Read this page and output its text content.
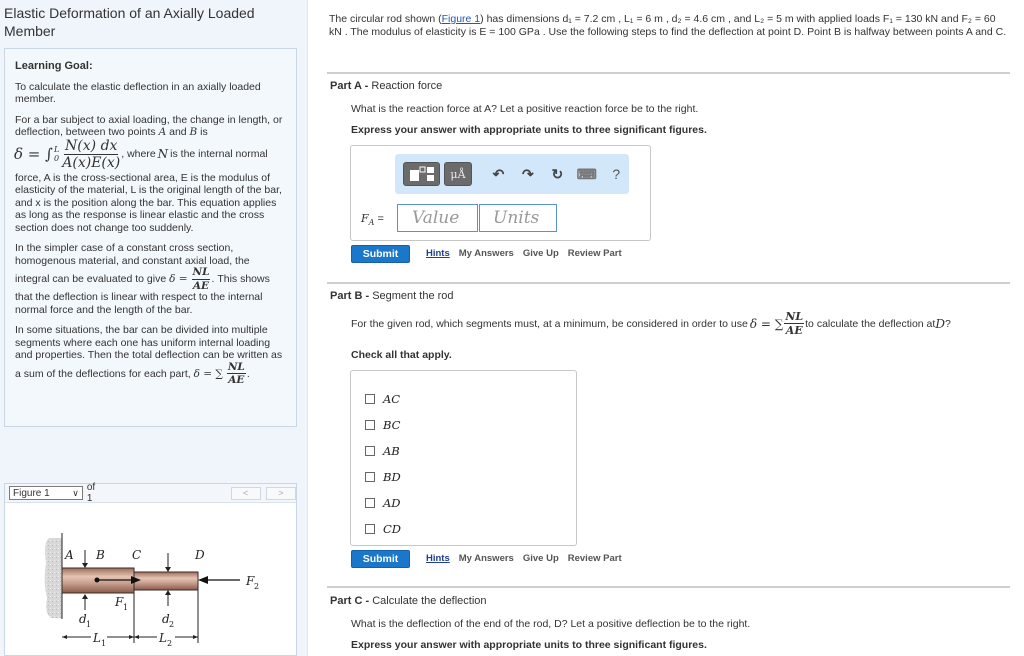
Elastic Deformation of an Axially Loaded Member

Learning Goal:

To calculate the elastic deflection in an axially loaded member.

For a bar subject to axial loading, the change in length, or deflection, between two points A and B is

δ = ∫ L
$0 \frac{N(x) dx}{A(x)E(x)}$ , where N is the internal normal

force, A is the cross-sectional area, E is the modulus of elasticity of the material, L is the original length of the bar, and x is the position along the bar. This equation applies as long as the response is linear elastic and the cross section does not change too suddenly.

In the simpler case of a constant cross section, homogenous material, and constant axial load, the integral can be evaluated to give $\delta = \frac{NL}{AE}$ . This shows that the deflection is linear with respect to the internal normal force and the length of the bar.

In some situations, the bar can be divided into multiple segments where each one has uniform internal loading and properties. Then the total deflection can be written as a sum of the deflections for each part, δ = ∑ $\frac{NL}{AE}$ .

Figure 1	∨ of 1	<	>
A B C	D
F 2
F 1
d 1	d 2
L 1	L 2
The circular rod shown (Figure 1) has dimensions d₁ = 7.2 cm , L₁ = 6 m , d₂ = 4.6 cm , and L₂ = 5 m with applied loads F₁ = 130 kN and F₂ = 60 kN . The modulus of elasticity is E = 100 GPa . Use the following steps to find the deflection at point D. Point B is halfway between points A and C.
Part A - Reaction force
What is the reaction force at A? Let a positive reaction force be to the right.
Express your answer with appropriate units to three significant figures.
μÅ	↶	↷	↻ ⌨	?
$F_A$ =	Value	Units
Submit	Hints My Answers Give Up Review Part
Part B - Segment the rod
For the given rod, which segments must, at a minimum, be considered in order to use δ = ∑ $\frac{NL}{AE}$ to calculate the deflection at D ?
Check all that apply.
AC
BC
AB
BD
AD
CD
Submit	Hints My Answers Give Up Review Part
Part C - Calculate the deflection
What is the deflection of the end of the rod, D? Let a positive deflection be to the right.
Express your answer with appropriate units to three significant figures.
